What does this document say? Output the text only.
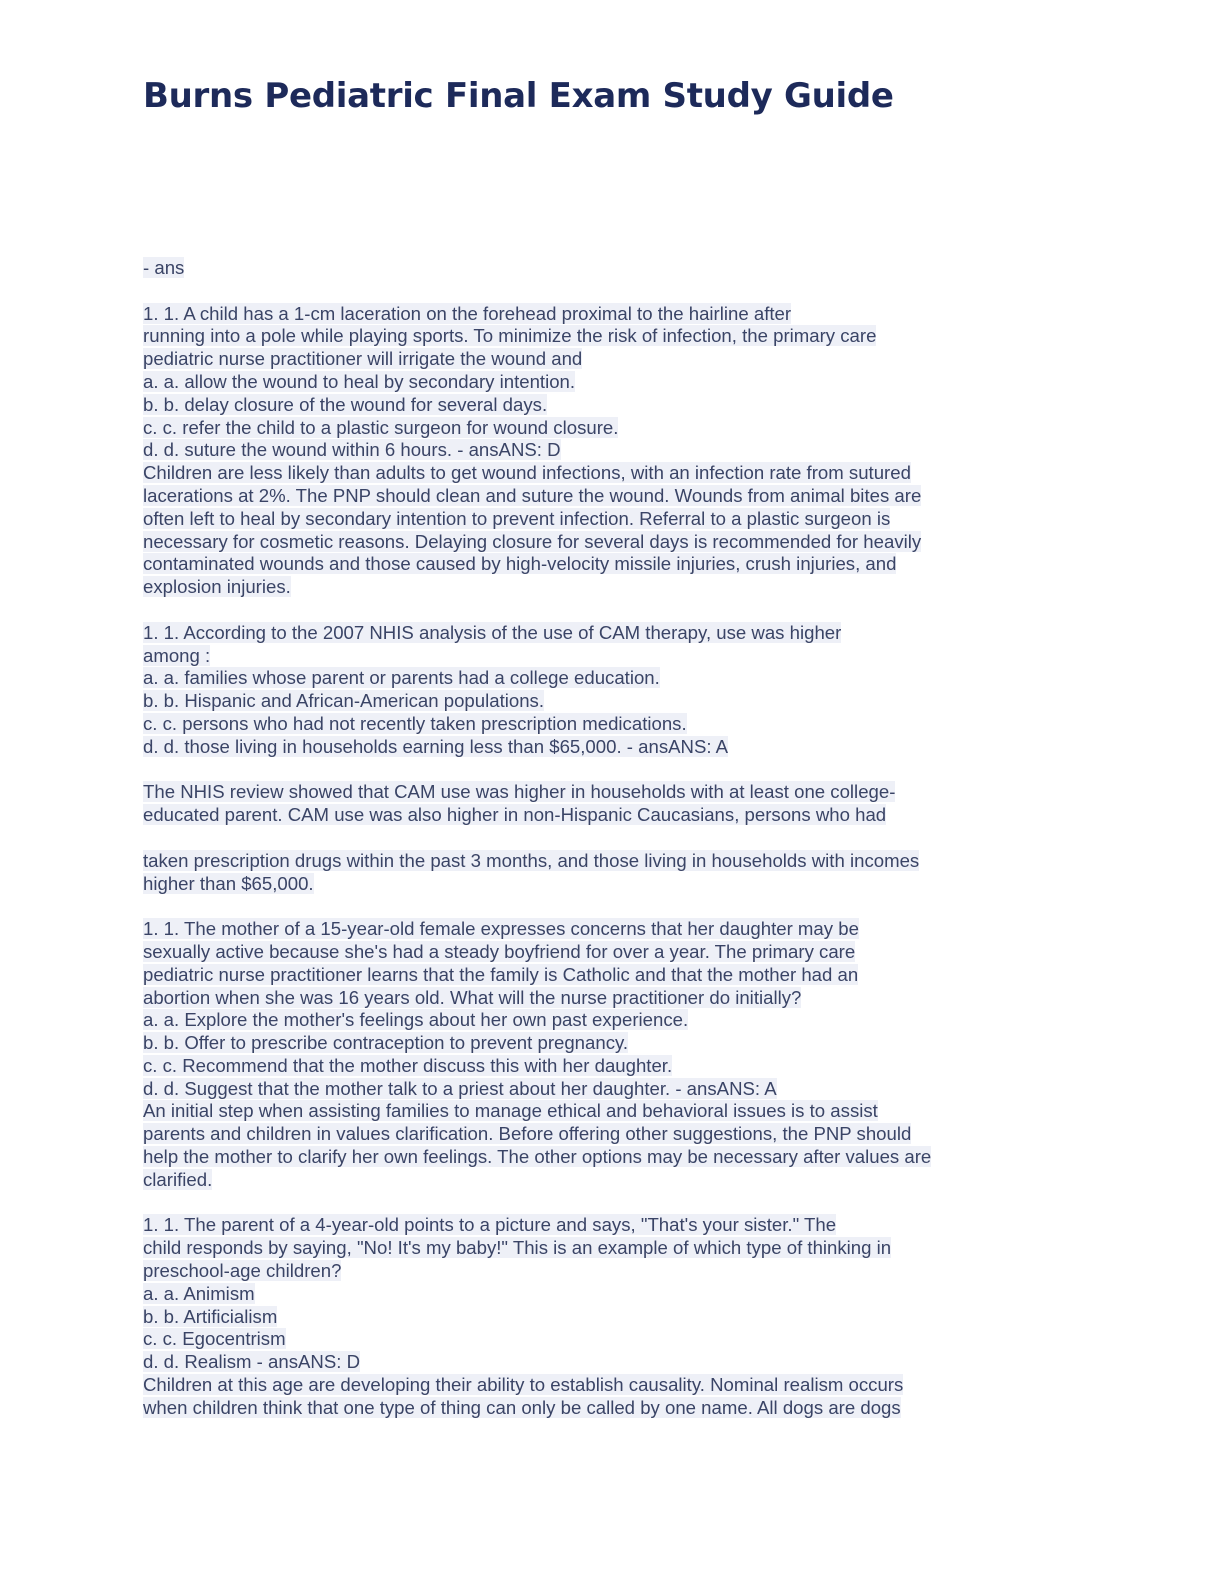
Burns Pediatric Final Exam Study Guide
- ans
1. 1. A child has a 1-cm laceration on the forehead proximal to the hairline after
running into a pole while playing sports. To minimize the risk of infection, the primary care
pediatric nurse practitioner will irrigate the wound and
a. a. allow the wound to heal by secondary intention.
b. b. delay closure of the wound for several days.
c. c. refer the child to a plastic surgeon for wound closure.
d. d. suture the wound within 6 hours. - ansANS: D
Children are less likely than adults to get wound infections, with an infection rate from sutured
lacerations at 2%. The PNP should clean and suture the wound. Wounds from animal bites are
often left to heal by secondary intention to prevent infection. Referral to a plastic surgeon is
necessary for cosmetic reasons. Delaying closure for several days is recommended for heavily
contaminated wounds and those caused by high-velocity missile injuries, crush injuries, and
explosion injuries.
1. 1. According to the 2007 NHIS analysis of the use of CAM therapy, use was higher
among :
a. a. families whose parent or parents had a college education.
b. b. Hispanic and African-American populations.
c. c. persons who had not recently taken prescription medications.
d. d. those living in households earning less than $65,000. - ansANS: A
The NHIS review showed that CAM use was higher in households with at least one college-
educated parent. CAM use was also higher in non-Hispanic Caucasians, persons who had
taken prescription drugs within the past 3 months, and those living in households with incomes
higher than $65,000.
1. 1. The mother of a 15-year-old female expresses concerns that her daughter may be
sexually active because she's had a steady boyfriend for over a year. The primary care
pediatric nurse practitioner learns that the family is Catholic and that the mother had an
abortion when she was 16 years old. What will the nurse practitioner do initially?
a. a. Explore the mother's feelings about her own past experience.
b. b. Offer to prescribe contraception to prevent pregnancy.
c. c. Recommend that the mother discuss this with her daughter.
d. d. Suggest that the mother talk to a priest about her daughter. - ansANS: A
An initial step when assisting families to manage ethical and behavioral issues is to assist
parents and children in values clarification. Before offering other suggestions, the PNP should
help the mother to clarify her own feelings. The other options may be necessary after values are
clarified.
1. 1. The parent of a 4-year-old points to a picture and says, "That's your sister." The
child responds by saying, "No! It's my baby!" This is an example of which type of thinking in
preschool-age children?
a. a. Animism
b. b. Artificialism
c. c. Egocentrism
d. d. Realism - ansANS: D
Children at this age are developing their ability to establish causality. Nominal realism occurs
when children think that one type of thing can only be called by one name. All dogs are dogs
